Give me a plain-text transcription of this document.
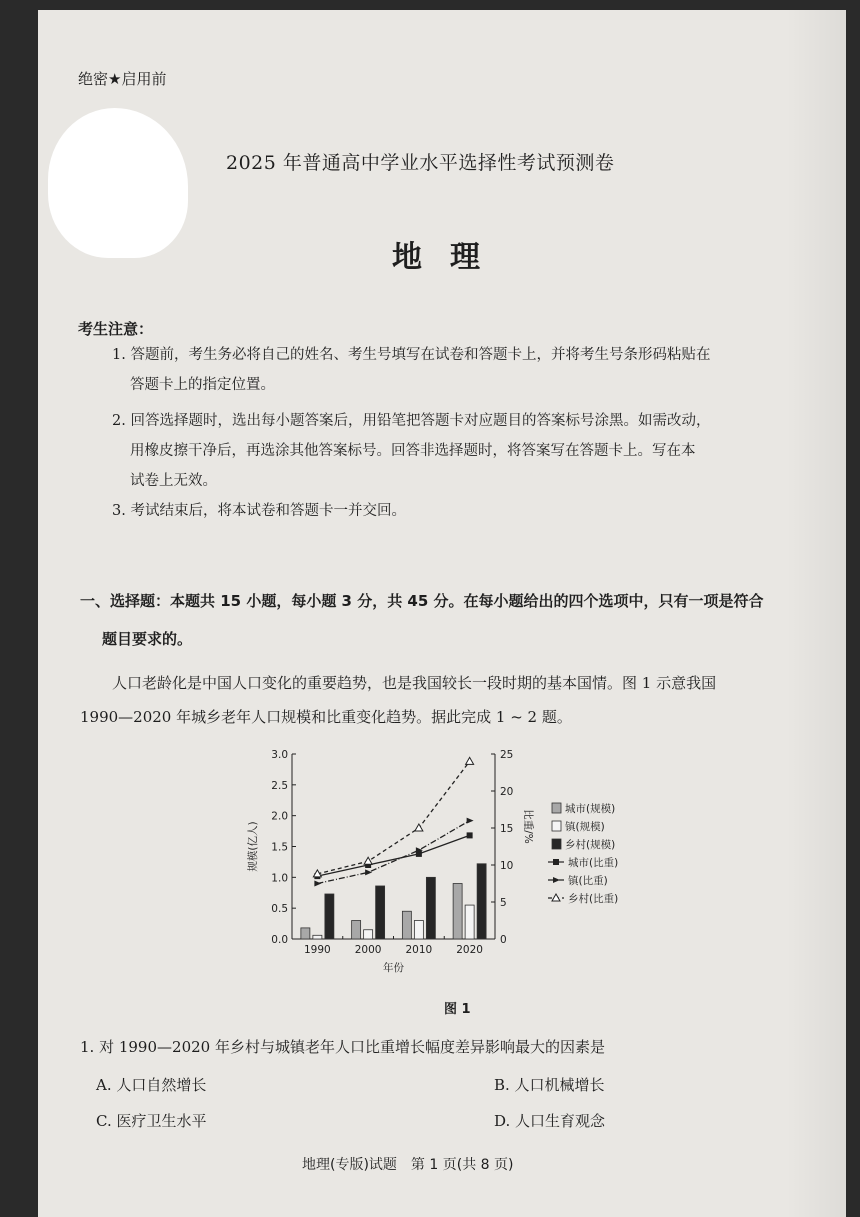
绝密★启用前
2025 年普通高中学业水平选择性考试预测卷
地理
考生注意：
1. 答题前，考生务必将自己的姓名、考生号填写在试卷和答题卡上，并将考生号条形码粘贴在
答题卡上的指定位置。
2. 回答选择题时，选出每小题答案后，用铅笔把答题卡对应题目的答案标号涂黑。如需改动，
用橡皮擦干净后，再选涂其他答案标号。回答非选择题时，将答案写在答题卡上。写在本
试卷上无效。
3. 考试结束后，将本试卷和答题卡一并交回。
一、选择题：本题共 15 小题，每小题 3 分，共 45 分。在每小题给出的四个选项中，只有一项是符合
题目要求的。
人口老龄化是中国人口变化的重要趋势，也是我国较长一段时期的基本国情。图 1 示意我国
1990—2020 年城乡老年人口规模和比重变化趋势。据此完成 1 ~ 2 题。
0.0
0.5
1.0
1.5
2.0
2.5
3.0
0
5
10
15
20
25
1990 2000 2010 2020
规模(亿人)	比重/%
年份
城市(规模)
镇(规模)
乡村(规模)
城市(比重)
镇(比重)
乡村(比重)
图 1
1. 对 1990—2020 年乡村与城镇老年人口比重增长幅度差异影响最大的因素是
A. 人口自然增长	B. 人口机械增长
C. 医疗卫生水平	D. 人口生育观念
地理(专版)试题　第 1 页(共 8 页)
